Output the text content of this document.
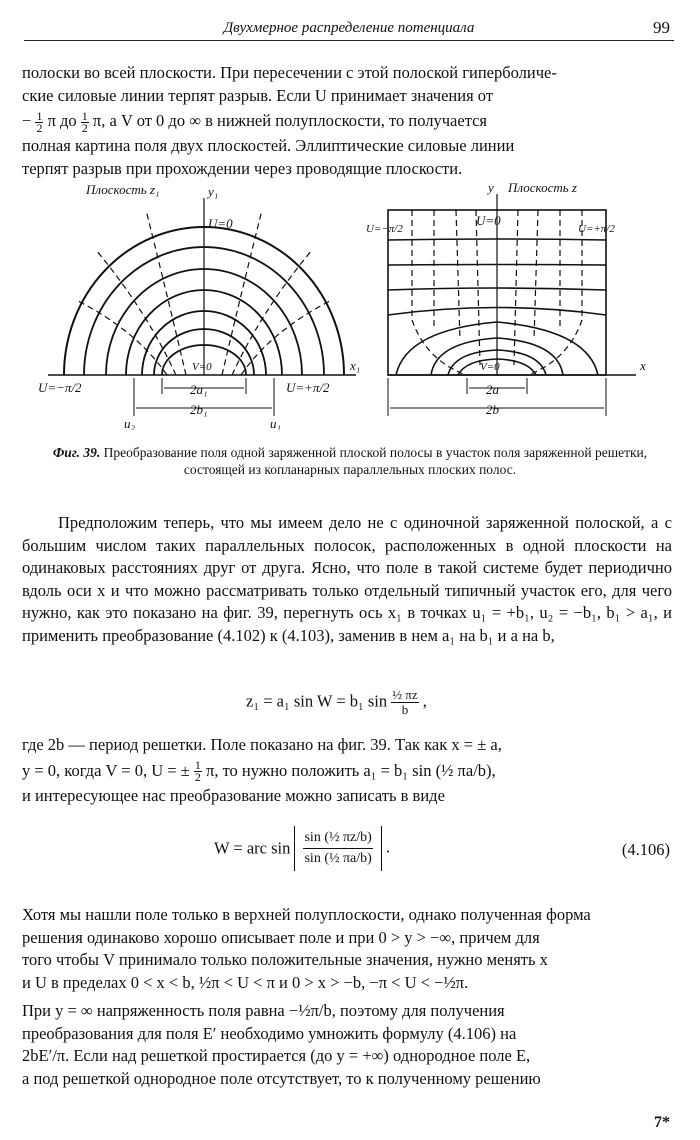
Двухмерное распределение потенциала	99

полоски во всей плоскости. При пересечении с этой полоской гиперболиче-

ские силовые линии терпят разрыв. Если U принимает значения от

− $\frac{1}{2}$ π до $\frac{1}{2} \pi$, а V от 0 до ∞ в нижней полуплоскости, то получается

полная картина поля двух плоскостей. Эллиптические силовые линии

терпят разрыв при прохождении через проводящие плоскости.

Плоскость z₁	y₁
U=0
V=0	x₁
U=−π/2	U=+π/2
2a₁
2b₁
u₂	u₁
y Плоскость z
U=−π/2
U=0
U=+π/2
V=0	x
2a
2b
Фиг. 39. Преобразование поля одной заряженной плоской полосы в участок поля заряженной решетки, состоящей из копланарных параллельных плоских полос.

Предположим теперь, что мы имеем дело не с одиночной заряженной полоской, а с большим числом таких параллельных полосок, расположенных в одной плоскости на одинаковых расстояниях друг от друга. Ясно, что поле в такой системе будет периодично вдоль оси x и что можно рассматривать только отдельный типичный участок его, для чего нужно, как это показано на фиг. 39, перегнуть ось x₁ в точках u₁ = +b₁, u₂ = −b₁, b₁ > a₁, и применить преобразование (4.102) к (4.103), заменив в нем a₁ на b₁ и a на b,

z₁ = a₁ sin W = b₁ $\sin \frac{\text{½ πz}}{b}$ ,

где 2b — период решетки. Поле показано на фиг. 39. Так как x = ± a,

y = 0, когда V = 0, U = ± $\frac{1}{2} \pi$, то нужно положить a₁ = b₁ sin (½ πa/b),

и интересующее нас преобразование можно записать в виде

W = arc $\sin \frac{\text{sin (½ πz/b)}}{\text{sin (½ πa/b)}}$ .	(4.106)

Хотя мы нашли поле только в верхней полуплоскости, однако полученная форма

решения одинаково хорошо описывает поле и при 0 > y > −∞, причем для

того чтобы V принимало только положительные значения, нужно менять x

и U в пределах 0 < x < b, ½π < U < π и 0 > x > −b, −π < U < −½π.

При y = ∞ напряженность поля равна −½π/b, поэтому для получения

преобразования для поля E′ необходимо умножить формулу (4.106) на

2bE′/π. Если над решеткой простирается (до y = +∞) однородное поле E,

а под решеткой однородное поле отсутствует, то к полученному решению

7*
